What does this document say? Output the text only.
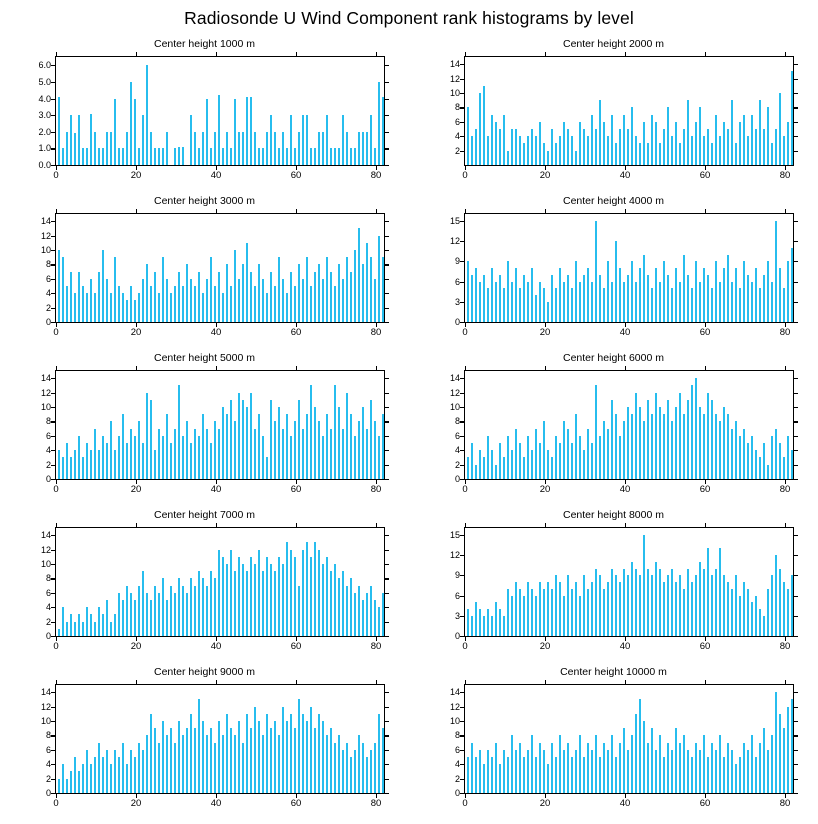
Radiosonde U Wind Component rank histograms by level
Center height 1000 m
0.0
1.0
2.0
3.0
4.0
5.0
6.0
0	20	40	60	80
Center height 2000 m
2
4
6
8
10
12
14
0	20	40	60	80
Center height 3000 m
0
2
4
6
8
10
12
14
0	20	40	60	80
Center height 4000 m
0
3
6
9
12
15
0	20	40	60	80
Center height 5000 m
0
2
4
6
8
10
12
14
0	20	40	60	80
Center height 6000 m
0
2
4
6
8
10
12
14
0	20	40	60	80
Center height 7000 m
0
2
4
6
8
10
12
14
0	20	40	60	80
Center height 8000 m
0
3
6
9
12
15
0	20	40	60	80
Center height 9000 m
0
2
4
6
8
10
12
14
0	20	40	60	80
Center height 10000 m
0
2
4
6
8
10
12
14
0	20	40	60	80
